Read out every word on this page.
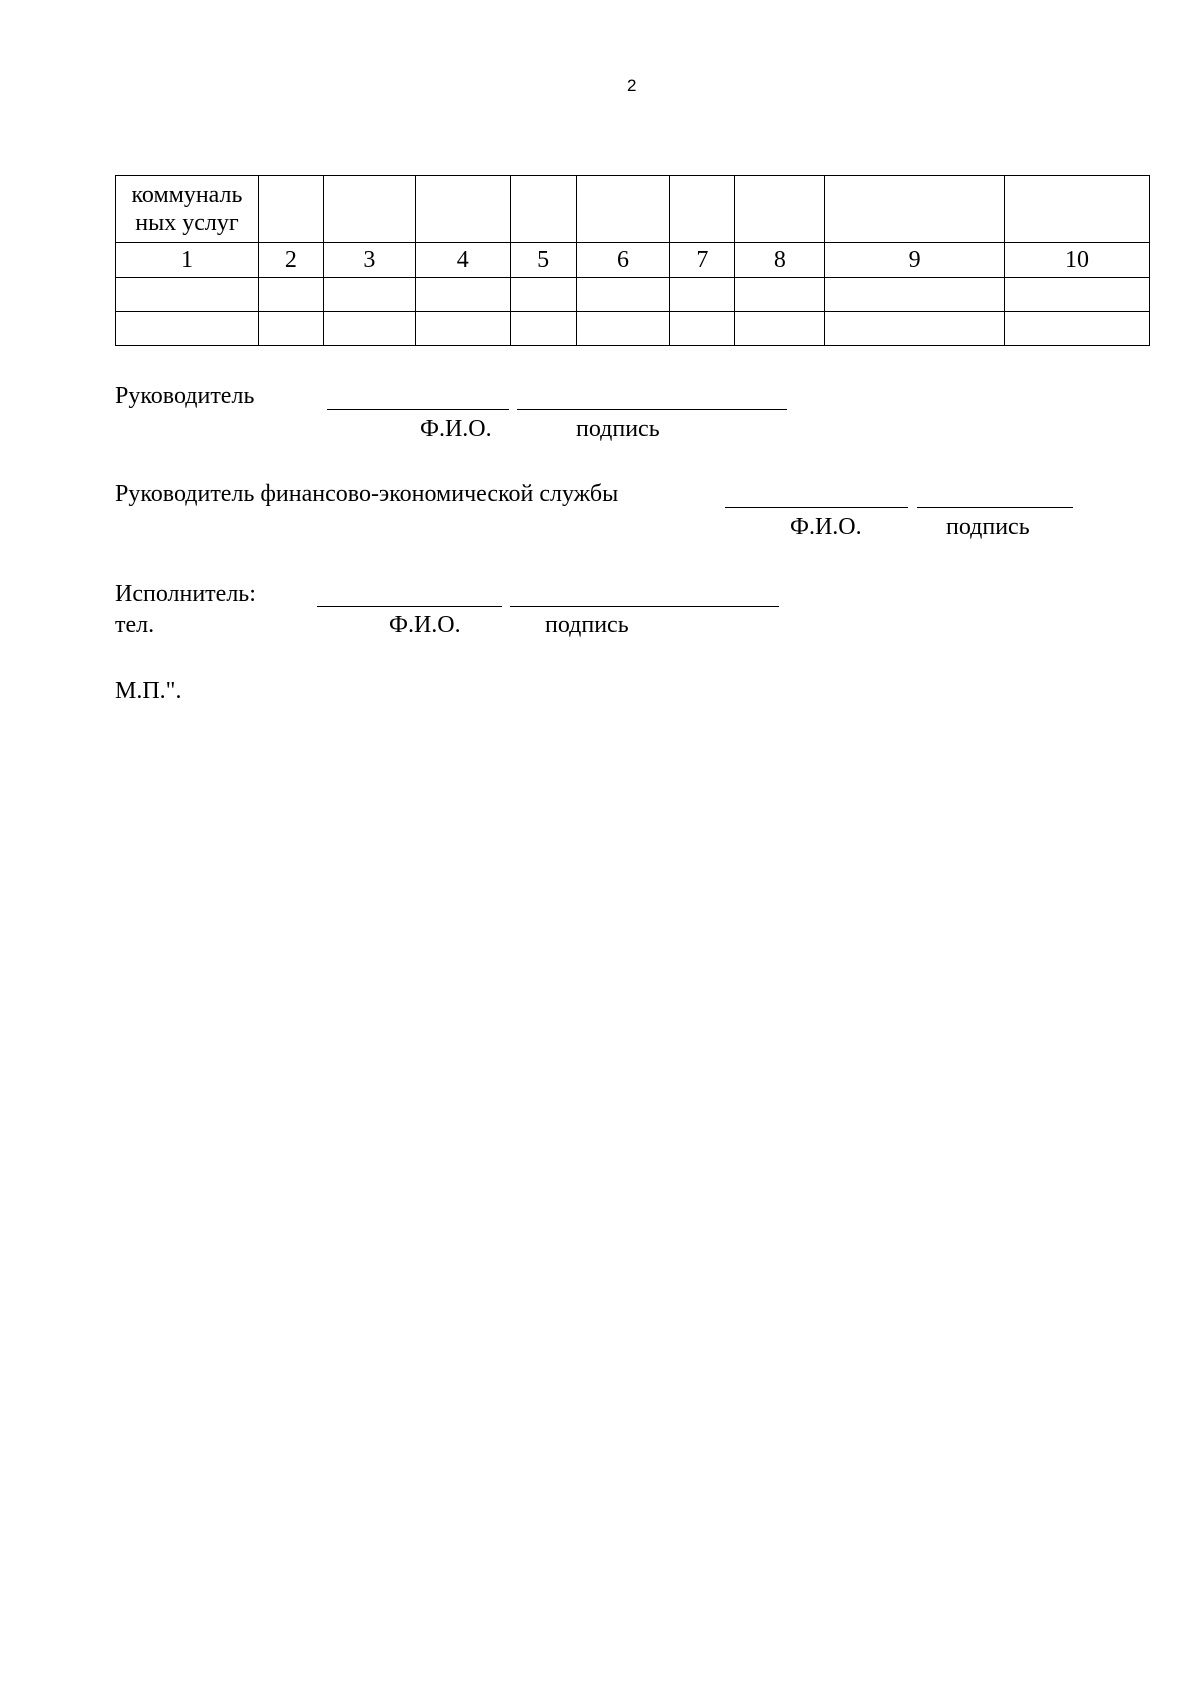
2
коммуналь
ных услуг									

1	2	3	4	5	6	7	8	9	10

Руководитель
Ф.И.О.	подпись
Руководитель финансово-экономической службы
Ф.И.О.	подпись
Исполнитель:
тел.	Ф.И.О.	подпись
М.П.".
